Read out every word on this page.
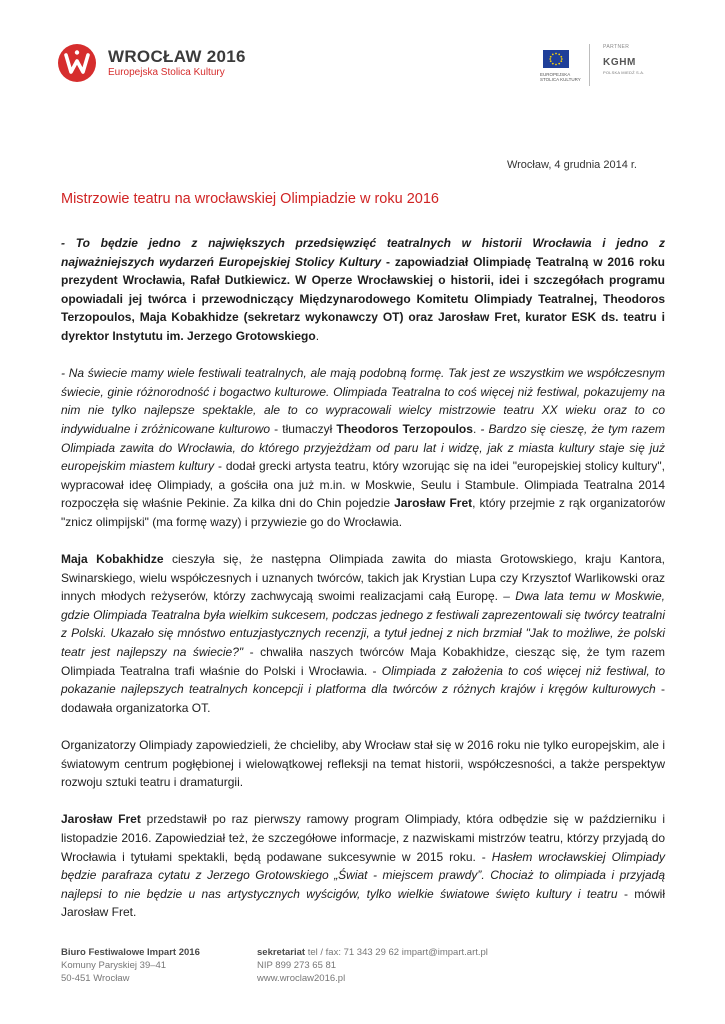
WROCŁAW 2016
Europejska Stolica Kultury	EUROPEJSKA
STOLICA KULTURY
PARTNER
KGHM
POLSKA MIEDŹ S.A.
Wrocław, 4 grudnia 2014 r.
Mistrzowie teatru na wrocławskiej Olimpiadzie w roku 2016

- To będzie jedno z największych przedsięwzięć teatralnych w historii Wrocławia i jedno z najważniejszych wydarzeń Europejskiej Stolicy Kultury - zapowiadział Olimpiadę Teatralną w 2016 roku prezydent Wrocławia, Rafał Dutkiewicz. W Operze Wrocławskiej o historii, idei i szczegółach programu opowiadali jej twórca i przewodniczący Międzynarodowego Komitetu Olimpiady Teatralnej, Theodoros Terzopoulos, Maja Kobakhidze (sekretarz wykonawczy OT) oraz Jarosław Fret, kurator ESK ds. teatru i dyrektor Instytutu im. Jerzego Grotowskiego.

- Na świecie mamy wiele festiwali teatralnych, ale mają podobną formę. Tak jest ze wszystkim we współczesnym świecie, ginie różnorodność i bogactwo kulturowe. Olimpiada Teatralna to coś więcej niż festiwal, pokazujemy na nim nie tylko najlepsze spektakle, ale to co wypracowali wielcy mistrzowie teatru XX wieku oraz to co indywidualne i zróżnicowane kulturowo - tłumaczył Theodoros Terzopoulos. - Bardzo się cieszę, że tym razem Olimpiada zawita do Wrocławia, do którego przyjeżdżam od paru lat i widzę, jak z miasta kultury staje się już europejskim miastem kultury - dodał grecki artysta teatru, który wzorując się na idei "europejskiej stolicy kultury", wypracował ideę Olimpiady, a gościła ona już m.in. w Moskwie, Seulu i Stambule. Olimpiada Teatralna 2014 rozpoczęła się właśnie Pekinie. Za kilka dni do Chin pojedzie Jarosław Fret, który przejmie z rąk organizatorów "znicz olimpijski" (ma formę wazy) i przywiezie go do Wrocławia.

Maja Kobakhidze cieszyła się, że następna Olimpiada zawita do miasta Grotowskiego, kraju Kantora, Swinarskiego, wielu współczesnych i uznanych twórców, takich jak Krystian Lupa czy Krzysztof Warlikowski oraz innych młodych reżyserów, którzy zachwycają swoimi realizacjami całą Europę. – Dwa lata temu w Moskwie, gdzie Olimpiada Teatralna była wielkim sukcesem, podczas jednego z festiwali zaprezentowali się twórcy teatralni z Polski. Ukazało się mnóstwo entuzjastycznych recenzji, a tytuł jednej z nich brzmiał "Jak to możliwe, że polski teatr jest najlepszy na świecie?" - chwaliła naszych twórców Maja Kobakhidze, ciesząc się, że tym razem Olimpiada Teatralna trafi właśnie do Polski i Wrocławia. - Olimpiada z założenia to coś więcej niż festiwal, to pokazanie najlepszych teatralnych koncepcji i platforma dla twórców z różnych krajów i kręgów kulturowych - dodawała organizatorka OT.

Organizatorzy Olimpiady zapowiedzieli, że chcieliby, aby Wrocław stał się w 2016 roku nie tylko europejskim, ale i światowym centrum pogłębionej i wielowątkowej refleksji na temat historii, współczesności, a także perspektyw rozwoju sztuki teatru i dramaturgii.

Jarosław Fret przedstawił po raz pierwszy ramowy program Olimpiady, która odbędzie się w październiku i listopadzie 2016. Zapowiedział też, że szczegółowe informacje, z nazwiskami mistrzów teatru, którzy przyjadą do Wrocławia i tytułami spektakli, będą podawane sukcesywnie w 2015 roku. - Hasłem wrocławskiej Olimpiady będzie parafraza cytatu z Jerzego Grotowskiego „Świat - miejscem prawdy”. Chociaż to olimpiada i przyjadą najlepsi to nie będzie u nas artystycznych wyścigów, tylko wielkie światowe święto kultury i teatru - mówił Jarosław Fret.

Biuro Festiwalowe Impart 2016
Komuny Paryskiej 39–41
50-451 Wrocław
sekretariat tel / fax: 71 343 29 62 impart@impart.art.pl
NIP 899 273 65 81
www.wroclaw2016.pl
